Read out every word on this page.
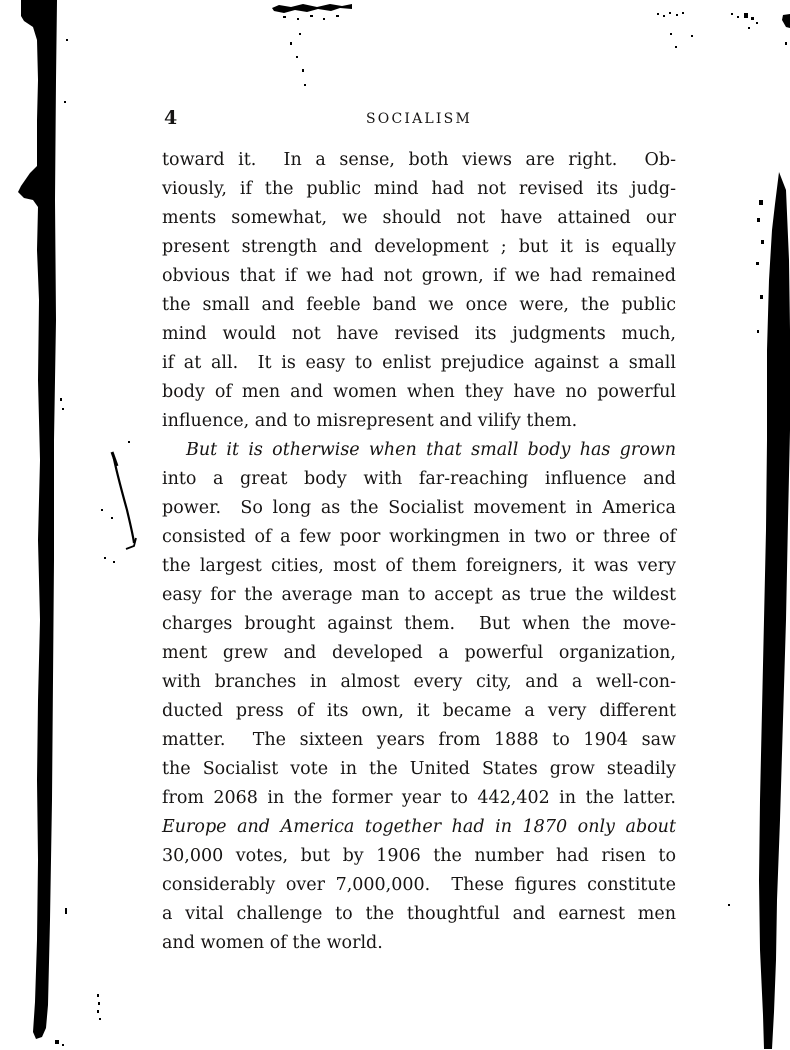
4	SOCIALISM
toward it.  In a sense, both views are right.  Ob-
viously, if the public mind had not revised its judg-
ments somewhat, we should not have attained our
present strength and development ; but it is equally
obvious that if we had not grown, if we had remained
the small and feeble band we once were, the public
mind would not have revised its judgments much,
if at all.  It is easy to enlist prejudice against a small
body of men and women when they have no powerful
influence, and to misrepresent and vilify them.
But it is otherwise when that small body has grown
into a great body with far-reaching influence and
power.  So long as the Socialist movement in America
consisted of a few poor workingmen in two or three of
the largest cities, most of them foreigners, it was very
easy for the average man to accept as true the wildest
charges brought against them.  But when the move-
ment grew and developed a powerful organization,
with branches in almost every city, and a well-con-
ducted press of its own, it became a very different
matter.  The sixteen years from 1888 to 1904 saw
the Socialist vote in the United States grow steadily
from 2068 in the former year to 442,402 in the latter.
Europe and America together had in 1870 only about
30,000 votes, but by 1906 the number had risen to
considerably over 7,000,000.  These figures constitute
a vital challenge to the thoughtful and earnest men
and women of the world.
